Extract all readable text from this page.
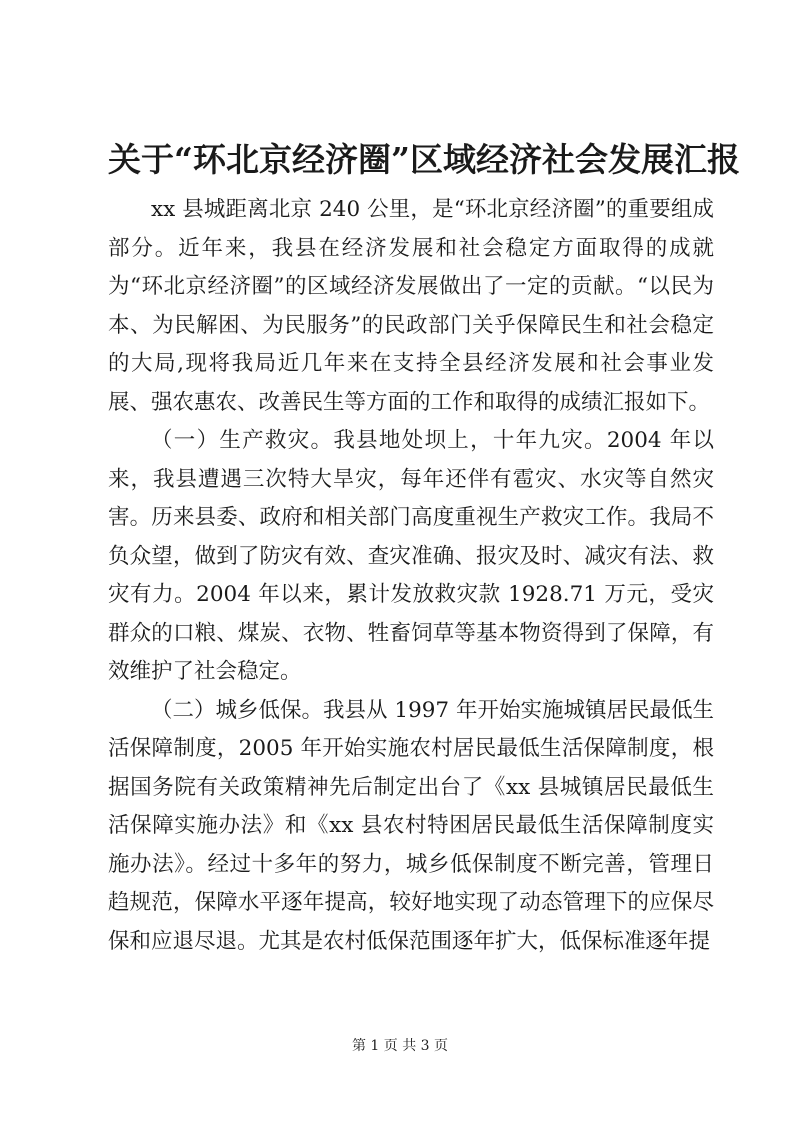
关于“环北京经济圈”区域经济社会发展汇报

xx 县城距离北京 240 公里，是“环北京经济圈”的重要组成部分。近年来，我县在经济发展和社会稳定方面取得的成就为“环北京经济圈”的区域经济发展做出了一定的贡献。“以民为本、为民解困、为民服务”的民政部门关乎保障民生和社会稳定的大局,现将我局近几年来在支持全县经济发展和社会事业发展、强农惠农、改善民生等方面的工作和取得的成绩汇报如下。

（一）生产救灾。我县地处坝上，十年九灾。2004 年以来，我县遭遇三次特大旱灾，每年还伴有雹灾、水灾等自然灾害。历来县委、政府和相关部门高度重视生产救灾工作。我局不负众望，做到了防灾有效、查灾准确、报灾及时、减灾有法、救灾有力。2004 年以来，累计发放救灾款 1928.71 万元，受灾群众的口粮、煤炭、衣物、牲畜饲草等基本物资得到了保障，有效维护了社会稳定。

（二）城乡低保。我县从 1997 年开始实施城镇居民最低生活保障制度，2005 年开始实施农村居民最低生活保障制度，根据国务院有关政策精神先后制定出台了《xx 县城镇居民最低生活保障实施办法》和《xx 县农村特困居民最低生活保障制度实施办法》。经过十多年的努力，城乡低保制度不断完善，管理日趋规范，保障水平逐年提高，较好地实现了动态管理下的应保尽保和应退尽退。尤其是农村低保范围逐年扩大，低保标准逐年提

第 1 页 共 3 页
